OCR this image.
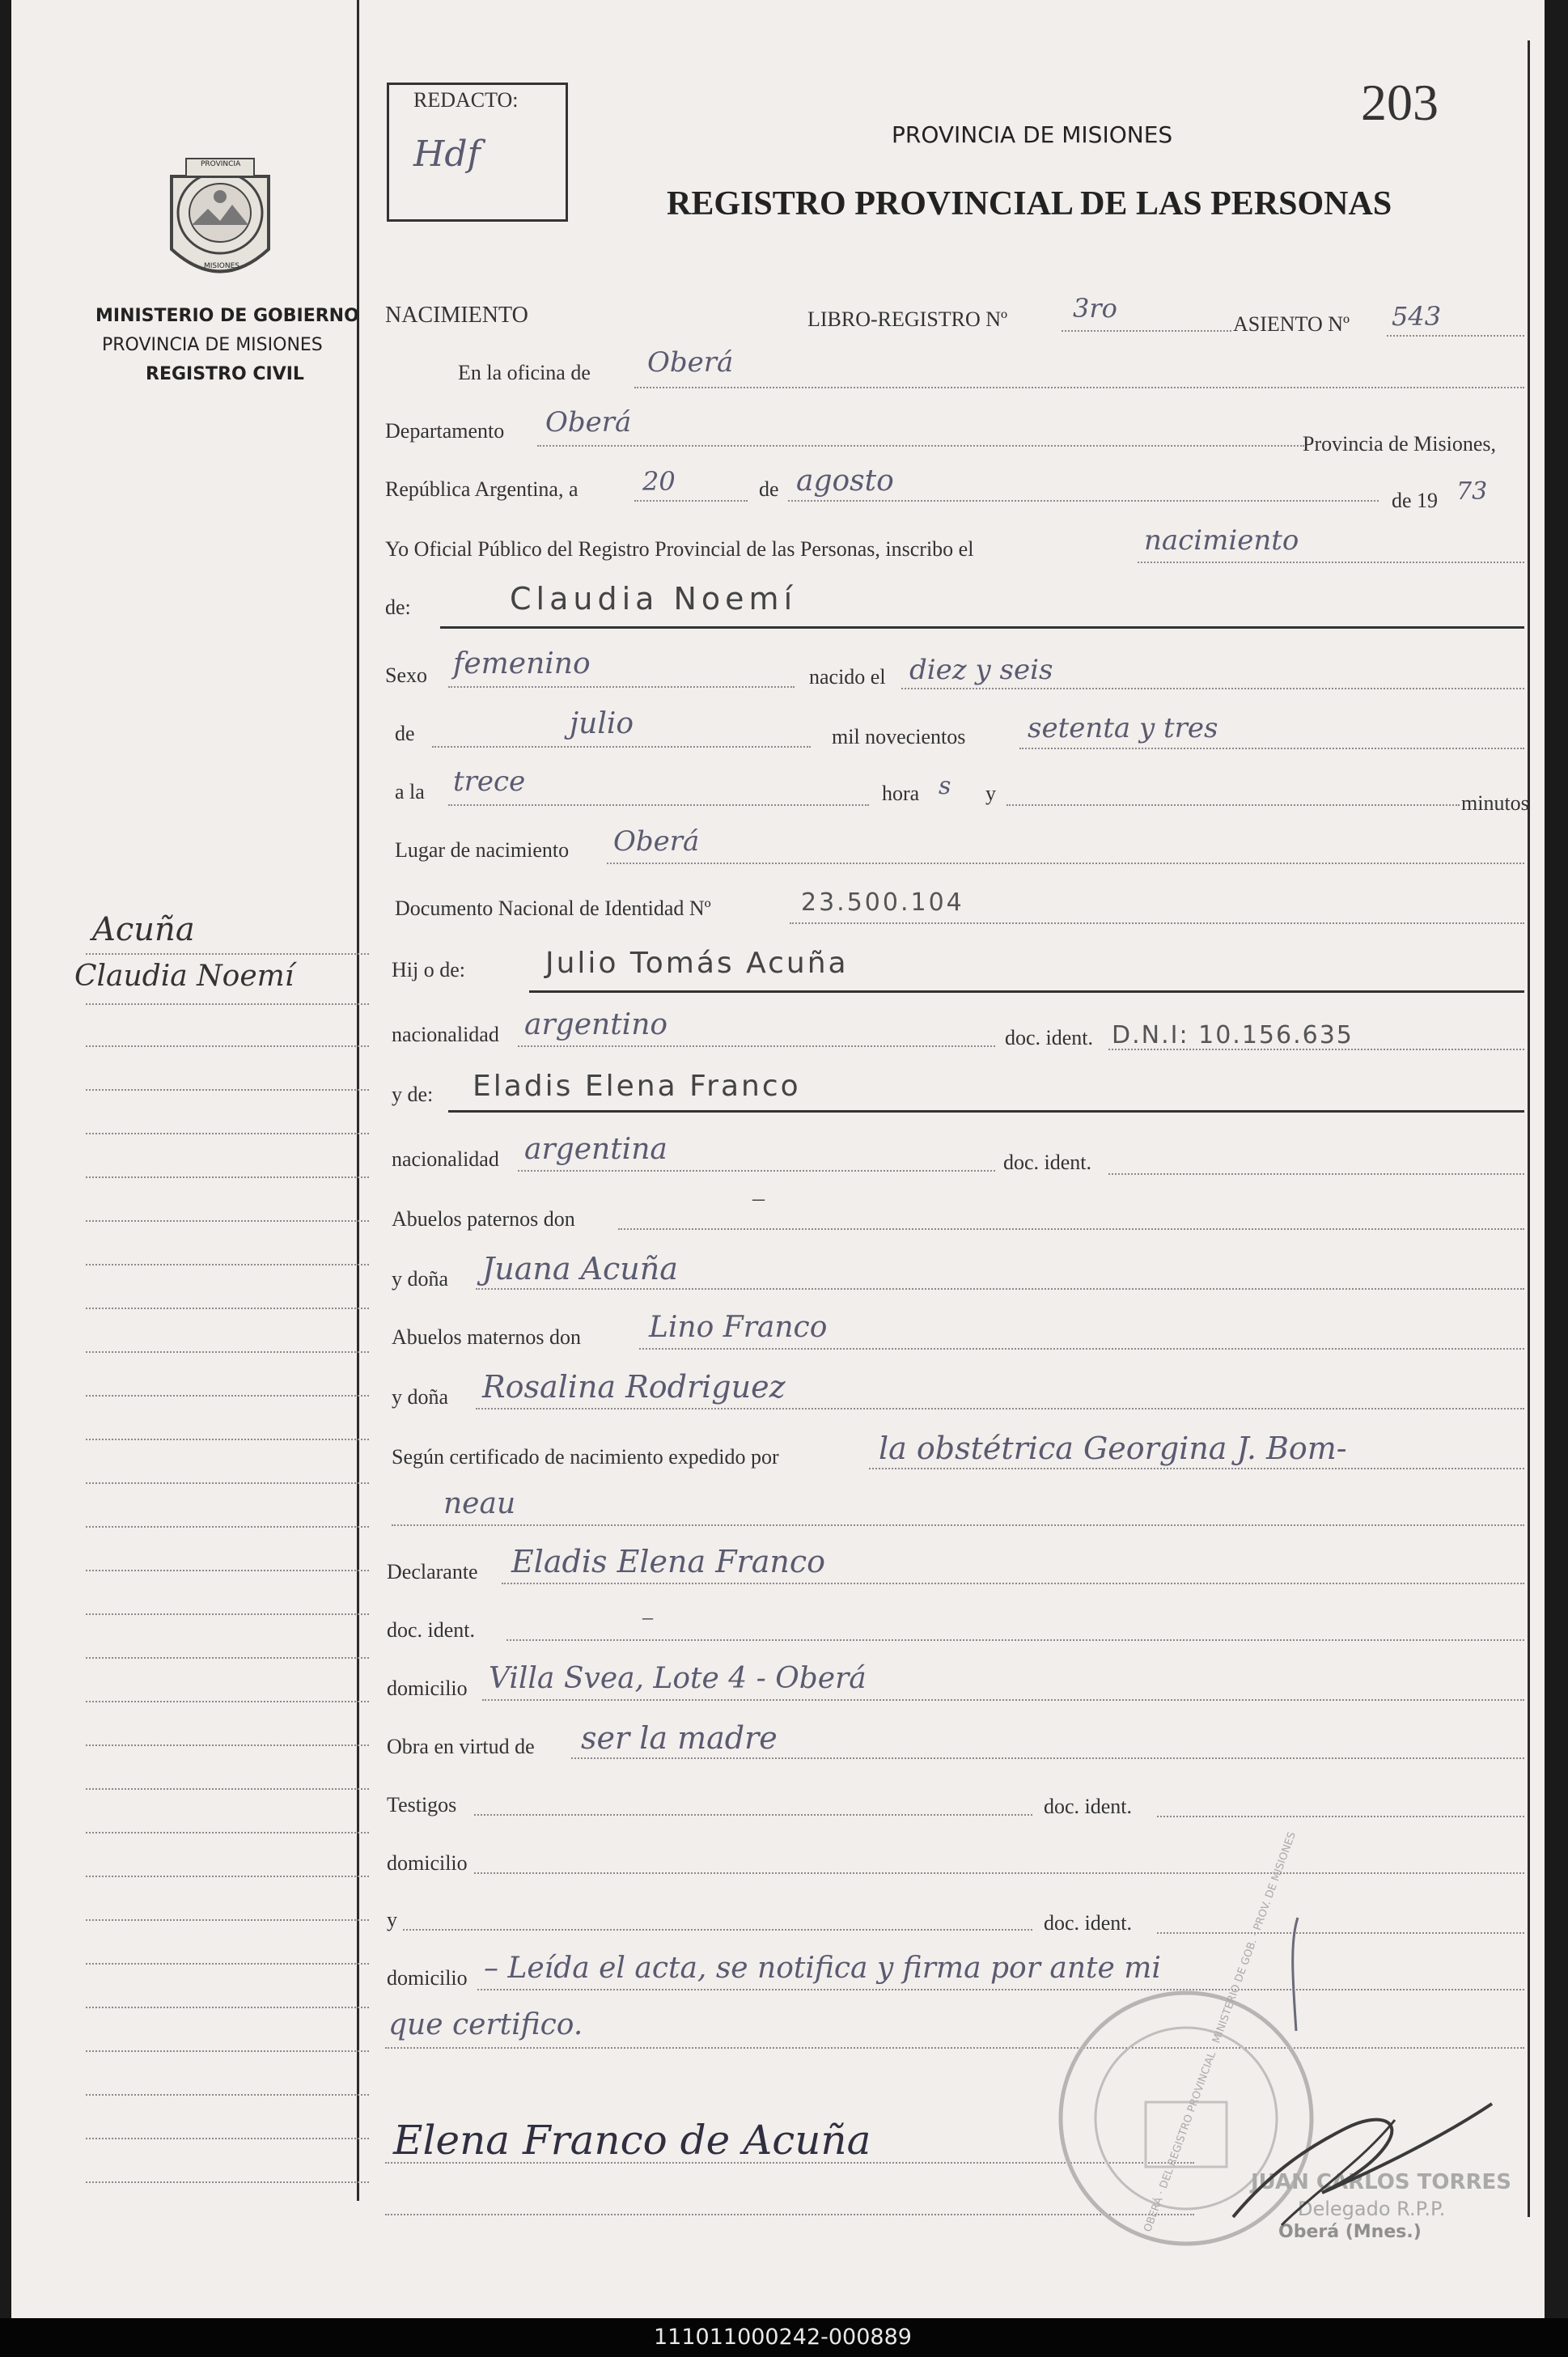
PROVINCIA
MISIONES
MINISTERIO DE GOBIERNO
PROVINCIA DE MISIONES
REGISTRO CIVIL
Acuña
Claudia Noemí
REDACTO:
Hdf
203
PROVINCIA DE MISIONES
REGISTRO PROVINCIAL DE LAS PERSONAS
NACIMIENTO	LIBRO-REGISTRO Nº	3ro
ASIENTO Nº 543
En la oficina de Oberá
Departamento Oberá
Provincia de Misiones,
República Argentina, a 20	de agosto
de 19 73
Yo Oficial Público del Registro Provincial de las Personas, inscribo el	nacimiento
de:	Claudia Noemí
Sexo femenino	nacido el diez y seis
de	julio	mil novecientos setenta y tres
a la trece	hora s y	minutos
Lugar de nacimiento Oberá
Documento Nacional de Identidad Nº	23.500.104
Hij o de:	Julio Tomás Acuña
nacionalidad argentino	doc. ident. D.N.I: 10.156.635
y de: Eladis Elena Franco
nacionalidad argentina	doc. ident.
Abuelos paternos don
–
y doña Juana Acuña
Abuelos maternos don Lino Franco
y doña Rosalina Rodriguez
Según certificado de nacimiento expedido por	la obstétrica Georgina J. Bom-
neau
Declarante Eladis Elena Franco
doc. ident.
–
domicilio Villa Svea, Lote 4 - Oberá
Obra en virtud de ser la madre
Testigos	doc. ident.
domicilio
y	doc. ident.
domicilio – Leída el acta, se notifica y firma por ante mi
que certifico.
Elena Franco de Acuña	OBERÁ · DEL REGISTRO PROVINCIAL · MINISTERIO DE GOB. · PROV. DE MISIONES
JUAN CARLOS TORRES
Delegado R.P.P.
Oberá (Mnes.)
111011000242-000889
